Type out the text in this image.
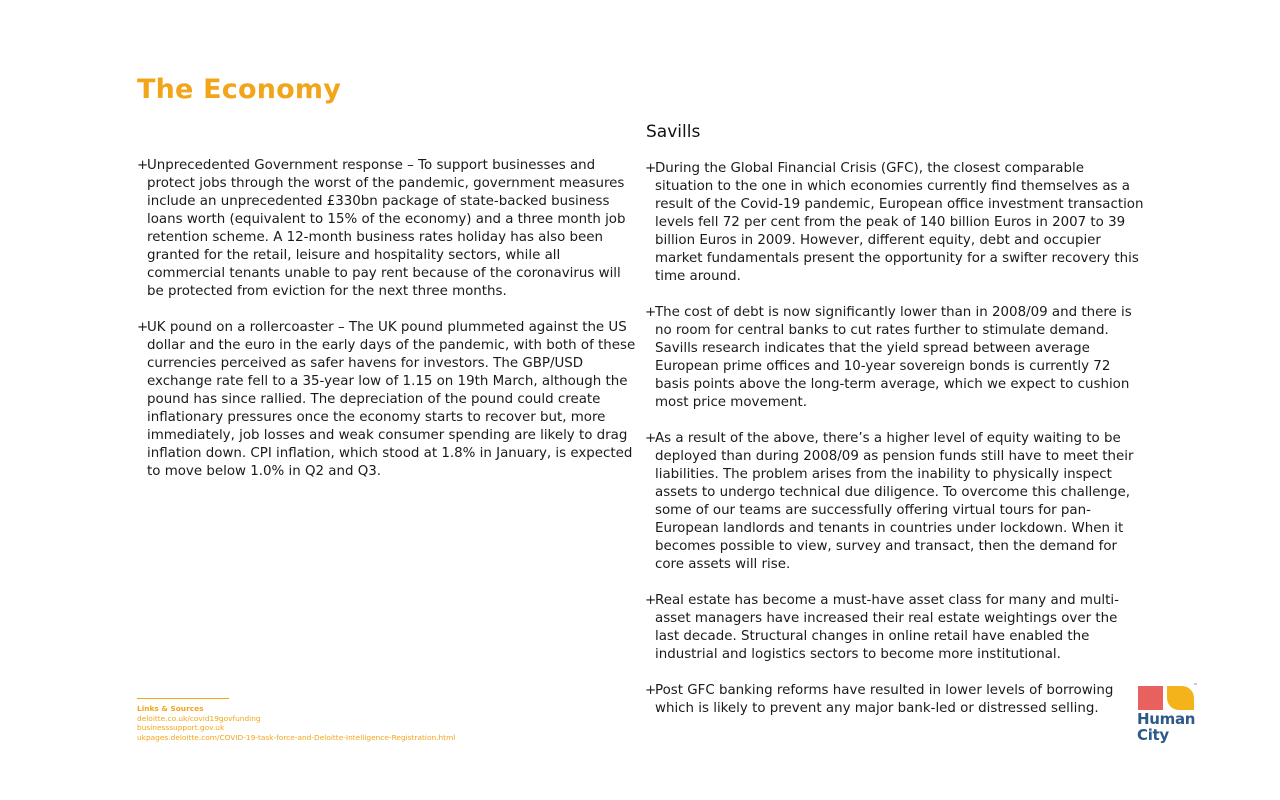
The Economy
Savills
+
Unprecedented Government response – To support businesses and protect jobs through the worst of the pandemic, government measures include an unprecedented £330bn package of state-backed business loans worth (equivalent to 15% of the economy) and a three month job retention scheme. A 12-month business rates holiday has also been granted for the retail, leisure and hospitality sectors, while all commercial tenants unable to pay rent because of the coronavirus will be protected from eviction for the next three months.
+
UK pound on a rollercoaster – The UK pound plummeted against the US dollar and the euro in the early days of the pandemic, with both of these currencies perceived as safer havens for investors. The GBP/USD exchange rate fell to a 35-year low of 1.15 on 19th March, although the pound has since rallied. The depreciation of the pound could create inflationary pressures once the economy starts to recover but, more immediately, job losses and weak consumer spending are likely to drag inflation down. CPI inflation, which stood at 1.8% in January, is expected to move below 1.0% in Q2 and Q3.
+
During the Global Financial Crisis (GFC), the closest comparable situation to the one in which economies currently find themselves as a result of the Covid-19 pandemic, European office investment transaction levels fell 72 per cent from the peak of 140 billion Euros in 2007 to 39 billion Euros in 2009. However, different equity, debt and occupier market fundamentals present the opportunity for a swifter recovery this time around.
+
The cost of debt is now significantly lower than in 2008/09 and there is no room for central banks to cut rates further to stimulate demand. Savills research indicates that the yield spread between average European prime offices and 10-year sovereign bonds is currently 72 basis points above the long-term average, which we expect to cushion most price movement.
+
As a result of the above, there’s a higher level of equity waiting to be deployed than during 2008/09 as pension funds still have to meet their liabilities. The problem arises from the inability to physically inspect assets to undergo technical due diligence. To overcome this challenge, some of our teams are successfully offering virtual tours for pan-European landlords and tenants in countries under lockdown. When it becomes possible to view, survey and transact, then the demand for core assets will rise.
+
Real estate has become a must-have asset class for many and multi-asset managers have increased their real estate weightings over the last decade. Structural changes in online retail have enabled the industrial and logistics sectors to become more institutional.
+
Post GFC banking reforms have resulted in lower levels of borrowing which is likely to prevent any major bank-led or distressed selling.

Links & Sources

deloitte.co.uk/covid19govfunding

businesssupport.gov.uk

ukpages.deloitte.com/COVID-19-task-force-and-Deloitte-Intelligence-Registration.html

™

Human
City
